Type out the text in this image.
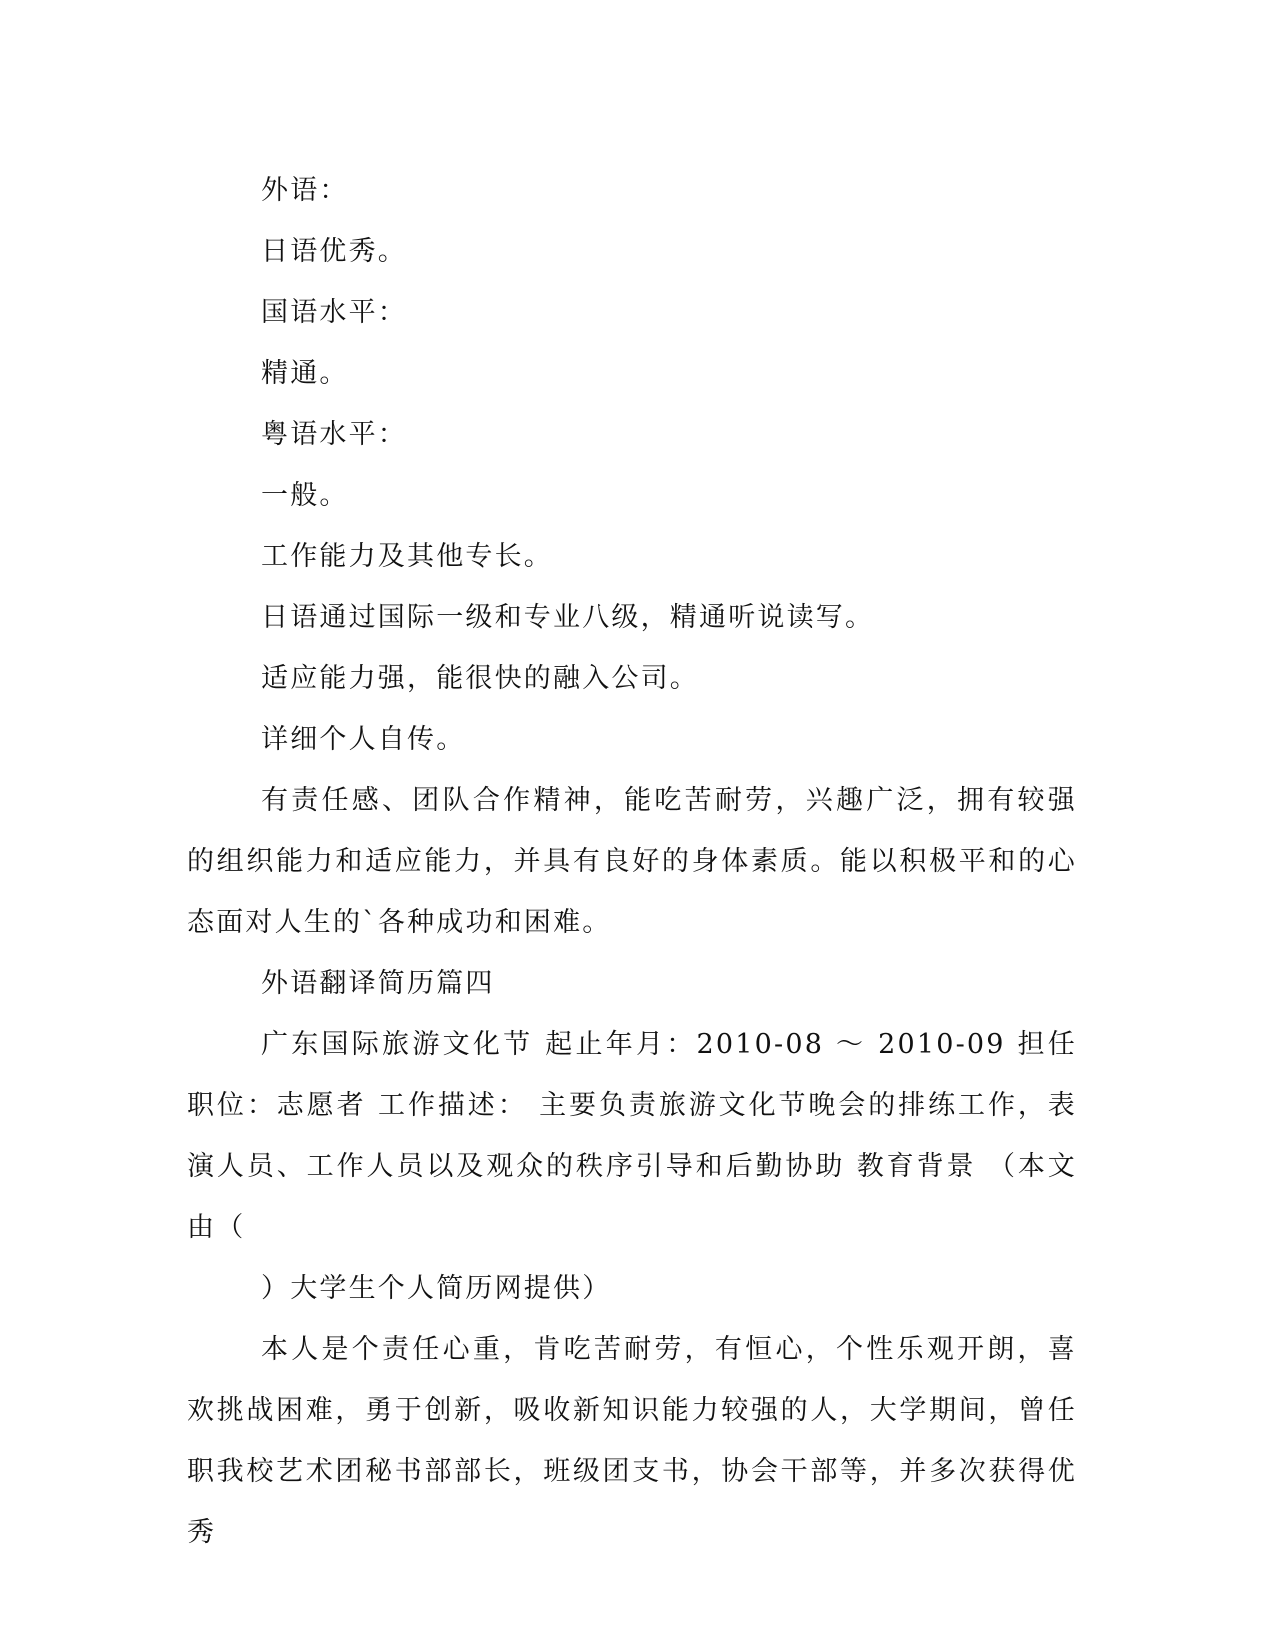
外语：

日语优秀。

国语水平：

精通。

粤语水平：

一般。

工作能力及其他专长。

日语通过国际一级和专业八级，精通听说读写。

适应能力强，能很快的融入公司。

详细个人自传。

有责任感、团队合作精神，能吃苦耐劳，兴趣广泛，拥有较强的组织能力和适应能力，并具有良好的身体素质。能以积极平和的心态面对人生的`各种成功和困难。

外语翻译简历篇四

广东国际旅游文化节 起止年月：2010-08 ～ 2010-09 担任职位：志愿者 工作描述： 主要负责旅游文化节晚会的排练工作，表演人员、工作人员以及观众的秩序引导和后勤协助 教育背景 （本文由（

）大学生个人简历网提供）

本人是个责任心重，肯吃苦耐劳，有恒心，个性乐观开朗，喜欢挑战困难，勇于创新，吸收新知识能力较强的人，大学期间，曾任职我校艺术团秘书部部长，班级团支书，协会干部等，并多次获得优秀
